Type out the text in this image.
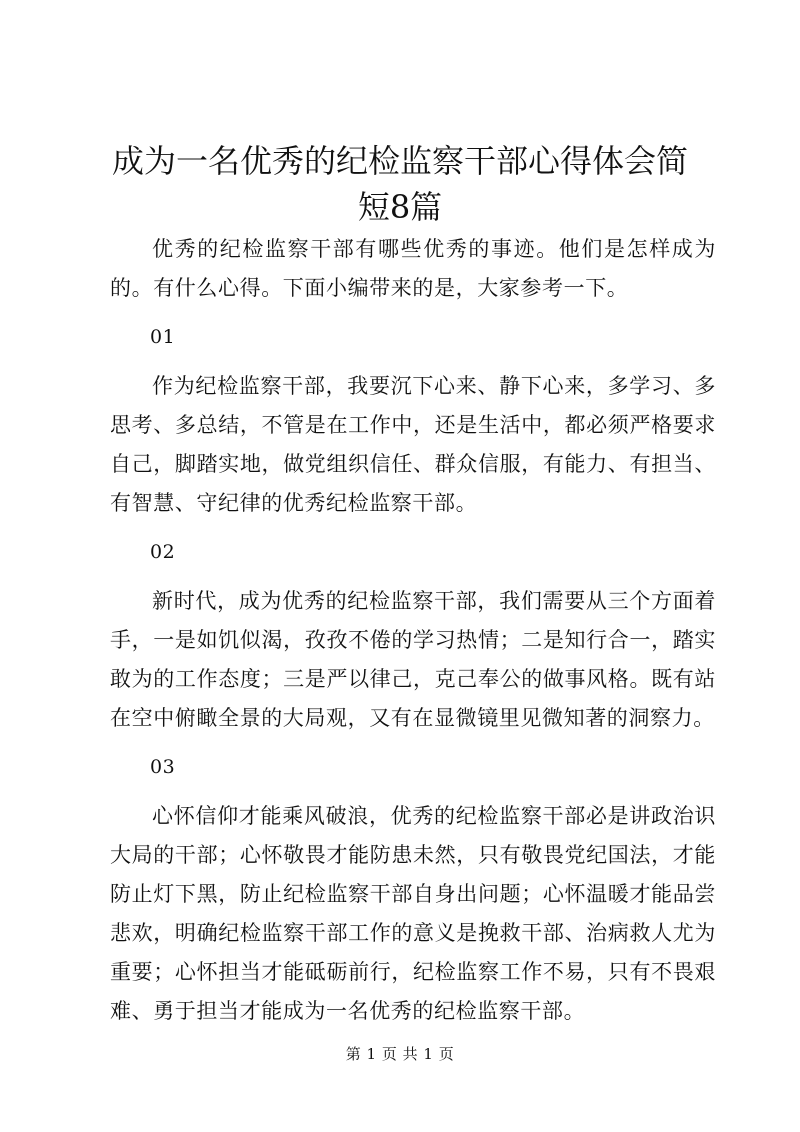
成为一名优秀的纪检监察干部心得体会简短8篇

优秀的纪检监察干部有哪些优秀的事迹。他们是怎样成为的。有什么心得。下面小编带来的是，大家参考一下。

01

作为纪检监察干部，我要沉下心来、静下心来，多学习、多思考、多总结，不管是在工作中，还是生活中，都必须严格要求自己，脚踏实地，做党组织信任、群众信服，有能力、有担当、有智慧、守纪律的优秀纪检监察干部。

02

新时代，成为优秀的纪检监察干部，我们需要从三个方面着手，一是如饥似渴，孜孜不倦的学习热情；二是知行合一，踏实敢为的工作态度；三是严以律己，克己奉公的做事风格。既有站在空中俯瞰全景的大局观，又有在显微镜里见微知著的洞察力。

03

心怀信仰才能乘风破浪，优秀的纪检监察干部必是讲政治识大局的干部；心怀敬畏才能防患未然，只有敬畏党纪国法，才能防止灯下黑，防止纪检监察干部自身出问题；心怀温暖才能品尝悲欢，明确纪检监察干部工作的意义是挽救干部、治病救人尤为重要；心怀担当才能砥砺前行，纪检监察工作不易，只有不畏艰难、勇于担当才能成为一名优秀的纪检监察干部。

第 1 页 共 1 页
